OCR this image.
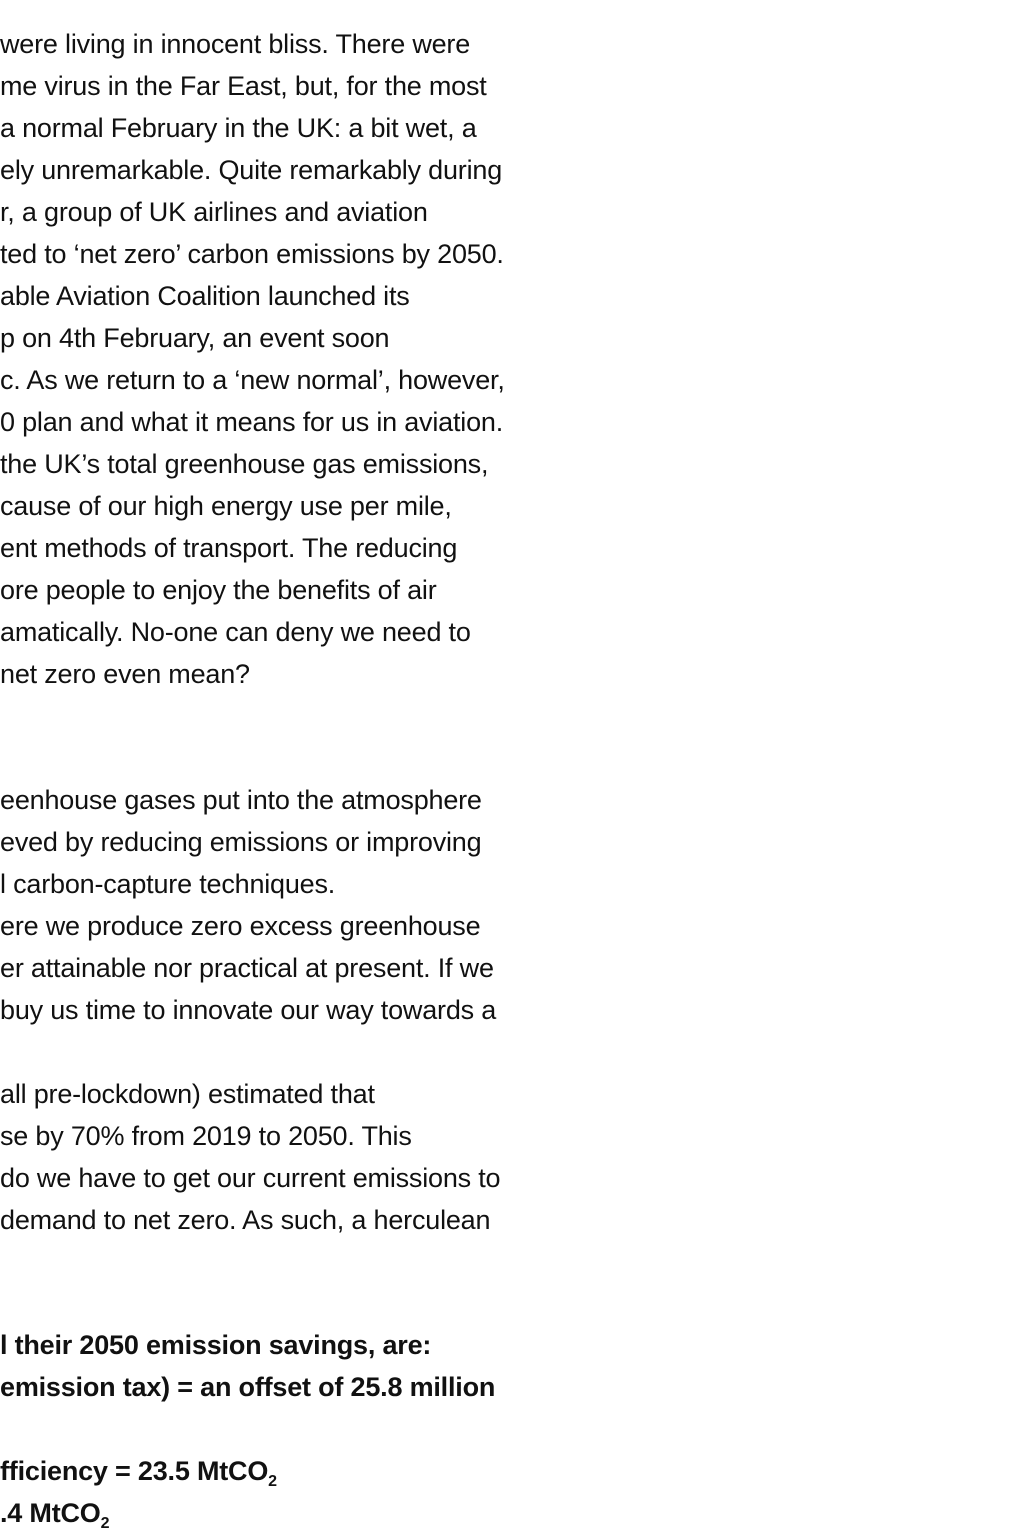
were living in innocent bliss. There were
me virus in the Far East, but, for the most
a normal February in the UK: a bit wet, a
ely unremarkable. Quite remarkably during
r, a group of UK airlines and aviation
ted to ‘net zero’ carbon emissions by 2050.
able Aviation Coalition launched its
p on 4th February, an event soon
c. As we return to a ‘new normal’, however,
0 plan and what it means for us in aviation.
the UK’s total greenhouse gas emissions,
cause of our high energy use per mile,
ent methods of transport. The reducing
ore people to enjoy the benefits of air
amatically. No-one can deny we need to
net zero even mean?
eenhouse gases put into the atmosphere
eved by reducing emissions or improving
l carbon-capture techniques.
ere we produce zero excess greenhouse
er attainable nor practical at present. If we
buy us time to innovate our way towards a
all pre-lockdown) estimated that
se by 70% from 2019 to 2050. This
do we have to get our current emissions to
demand to net zero. As such, a herculean
l their 2050 emission savings, are:
emission tax) = an offset of 25.8 million
fficiency = 23.5 MtCO$_2$
.4 MtCO$_2$
